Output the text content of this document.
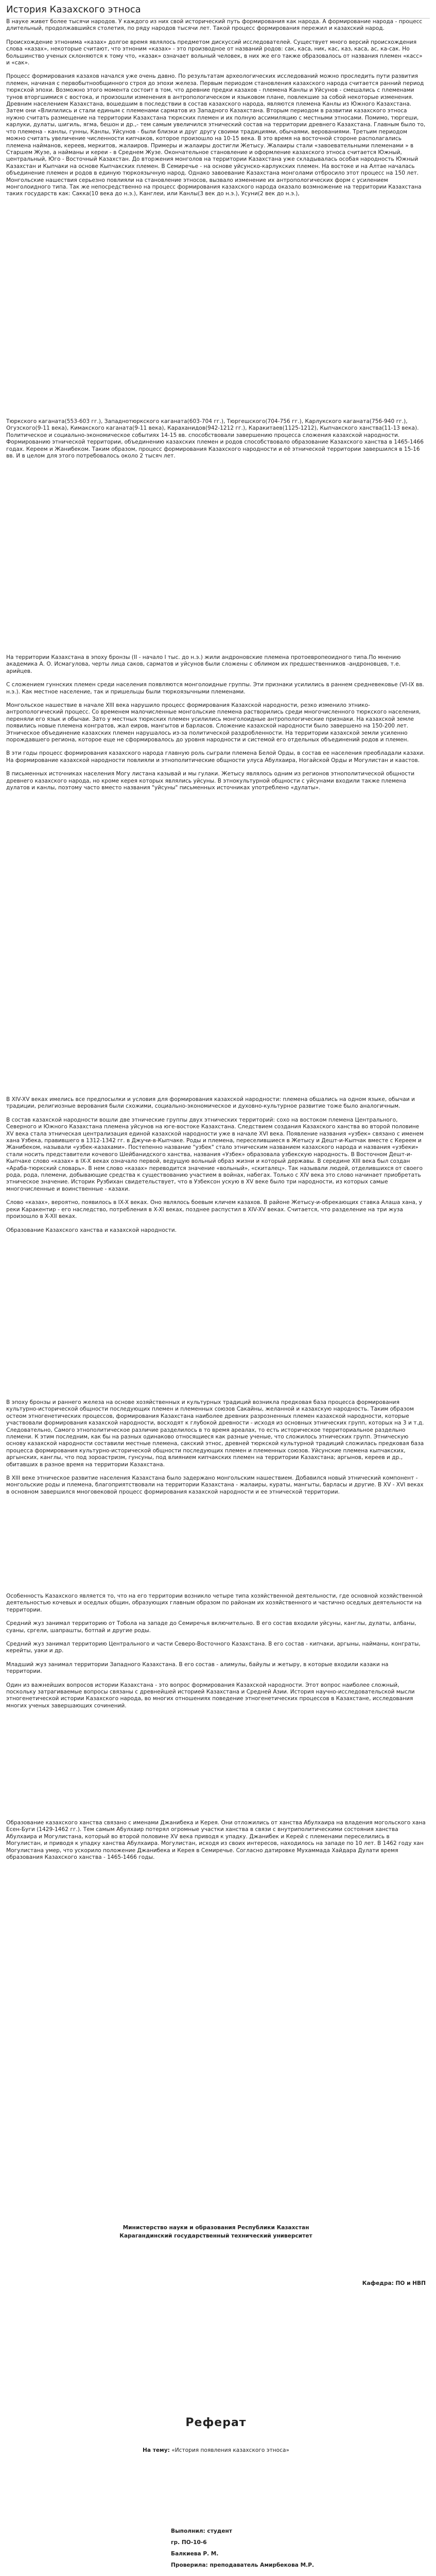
История Казахского этноса

В науке живет более тысячи народов. У каждого из них свой исторический путь формирования как народа. А формирование народа - процесс длительный, продолжавшийся столетия, по ряду народов тысячи лет. Такой процесс формирования пережил и казахский народ.

Происхождение этнонима «казах» долгое время являлось предметом дискуссий исследователей. Существует много версий происхождения слова «казах», некоторые считают, что этноним «казах» - это производное от названий родов: сак, каса, ник, кас, каз, каса, ас, ка-сак. Но большинство ученых склоняются к тому что, «казак» означает вольный человек, в них же его также образовалось от названия племен «касс» и «сак».

Процесс формирования казахов начался уже очень давно. По результатам археологических исследований можно проследить пути развития племен, начиная с первобытнообщинного строя до эпохи железа. Первым периодом становления казахского народа считается ранний период тюркской эпохи. Возможно этого момента состоит в том, что древние предки казахов - племена Канлы и Уйсунов - смешались с племенами тунов вторгшимися с востока, и произошли изменения в антропологическом и языковом плане, повлекшие за собой некоторые изменения. Древним населением Казахстана, вошедшим в последствии в состав казахского народа, являются племена Канлы из Южного Казахстана. Затем они «Влилились и стали единым с племенами сарматов из Западного Казахстана. Вторым периодом в развитии казахского этноса нужно считать размещение на территории Казахстана тюркских племен и их полную ассимиляцию с местными этносами. Помимо, тюргеши, карлуки, дулаты, шигиль, ягма, бешон и др.,- тем самым увеличился этнический состав на территории древнего Казахстана. Главным было то, что племена - канлы, гунны, Канлы, Уйсунов - были близки и друг другу своими традициями, обычаями, верованиями. Третьим периодом можно считать увеличение численности кипчаков, которое произошло на 10-15 века. В это время на восточной стороне располагались племена найманов, кереев, меркитов, жалаиров. Примеры и жалаиры достигли Жетысу. Жалаиры стали «завоевательными племенами » в Старшем Жузе, а найманы и кереи - в Среднем Жузе. Окончательное становление и оформление казахского этноса считается Южный, центральный, Юго - Восточный Казахстан. До вторжения монголов на территории Казахстана уже складывалась особая народность Южный Казахстан и Кыпчаки на основе Кыпчакских племен. В Семиречье - на основе уйсунско-карлукских племен. На востоке и на Алтае началась объединение племен и родов в единую тюркоязычную народ. Однако завоевание Казахстана монголами отбросило этот процесс на 150 лет. Монгольские нашествия серьезно повлияли на становление этносов, вызвало изменение их антропологических форм с усилением монголоидного типа. Так же непосредственно на процесс формирования казахского народа оказало возмножение на территории Казахстана таких государств как: Сакка(10 века до н.э.), Канглеи, или Канлы(3 век до н.э.), Усуни(2 век до н.э.),

Тюркского каганата(553-603 гг.), Западнотюркского каганата(603-704 гг.), Тюргешского(704-756 гг.), Карлукского каганата(756-940 гг.), Огузского(9-11 века), Кимакского каганата(9-11 века), Караханидов(942-1212 гг.), Каракитаев(1125-1212), Кыпчакского ханства(11-13 века). Политическое и социально-экономическое событиях 14-15 вв. способствовали завершению процесса сложения казахской народности. Формированию этнической территории, объединению казахских племен и родов способствовало образование Казахского ханства в 1465-1466 годах. Кереем и Жанибеком. Таким образом, процесс формирования Казахского народности и её этнической территории завершился в 15-16 вв. И в целом для этого потребовалось около 2 тысяч лет.

На территории Казахстана в эпоху бронзы (II - начало I тыс. до н.э.) жили андроновские племена протоевропеоидного типа.По мнению академика А. О. Исмагулова, черты лица саков, сарматов и уйсунов были сложены с облимом их предшественников -андроновцев, т.е. арийцев.

С сложением гуннских племен среди населения появляются монголоидные группы. Эти признаки усилились в раннем средневековье (VI-IX вв. н.э.). Как местное население, так и пришельцы были тюркоязычными племенами.

Монгольское нашествие в начале XIII века нарушило процесс формирования Казахской народности, резко изменило этнико-антропологический процесс. Со временем малочисленные монгольские племена растворились среди многочисленного тюркского населения, переняли его язык и обычаи. Зато у местных тюркских племен усилились монголоидные антропологические признаки. На казахской земле появились новые племена конгратов, жал еиров, мангытов и барласов. Сложение казахской народности было завершено на 150-200 лет. Этническое объединение казахских племен нарушалось из-за политической раздробленности. На территории казахской земли усиленно порождавшего региона, которое еще не сформировалось до уровня народности и системой его отдельных объединений родов и племен.

В эти годы процесс формирования казахского народа главную роль сыграли племена Белой Орды, в состав ее населения преобладали казахи. На формирование казахской народности повлияли и этнополитические общности улуса Абулхаира, Ногайской Орды и Могулистан и каастов.

В письменных источниках населения Могу листана казывай и мы гулаки. Жетысу являлось одним из регионов этнополитической общности древнего казахского народа, но кроме керея которых являлись уйсуны. В этнокультурной общности с уйсунами входили также племена дулатов и канлы, поэтому часто вместо названия "уйсуны" письменных источниках употреблено «дулаты».

В XIV-XV веках имелись все предпосылки и условия для формирования казахской народности: племена обшались на одном языке, обычаи и традиции, религиозные верования были схожими, социально-экономическое и духовно-культурное развитие тоже было аналогичным.

В состав казахской народности вошли две этнические группы двух этнических территорий: сохо на востоком племена Центрального, Северного и Южного Казахстана племена уйсунов на юге-востоке Казахстана. Следствием создания Казахского ханства во второй половине XV века стала этническая централизация единой казахской народности уже в начале XVI века. Появление названия «узбек» связано с именем хана Узбека, правившего в 1312-1342 гг. в Джучи-в-Кыпчаке. Роды и племена, переселившиеся в Жетысу и Дешт-и-Кыпчак вместе с Кереем и Жанибеком, называли «узбек-казахами». Постепенно название "узбек" стало этническим названием казахского народа и названия «узбеки» стали носить представители кочевого Шейбанидского ханства, названия «Узбек» образовала узбекскую народность. В Восточном Дешт-и-Кыпчаке слово «казах» в IX-X веках означало первой, ведущую вольный образ жизни и который державы. В середине XIII века был создан «Араба-тюркский словарь». В нем слово «казах» переводится значение «вольный», «скиталец». Так называли людей, отделившихся от своего рода, рода, племени, добывающие средства к существованию участием в войнах, набегах. Только с XIV века это слово начинает приобретать этническое значение. Историк Рузбихан свидетельствует, что в Узбексон ускую в XV веке было три народности, из которых самые многочисленные и воинственные - казахи.

Слово «казах», вероятно, появилось в IX-X веках. Оно являлось боевым кличем казахов. В районе Жетысу-и-обрекающих ставка Алаша хана, у реки Каракентир - его наследство, потребления в X-XI веках, позднее распустил в XIV-XV веках. Считается, что разделение на три жуза произошло в X-XII веках.

Образование Казахского ханства и казахской народности.

В эпоху бронзы и раннего железа на основе хозяйственных и культурных традиций возникла предковая база процесса формирования культурно-исторической общности последующих племен и племенных союзов Сакайны, желанной и казахскую народность. Таким образом остеом этногенетических процессов, формирования Казахстана наиболее древних разрозненных племен казахской народности, которые участвовали формирования казахской народности, восходят к глубокой древности - исходя из основных этнических групп, которых на 3 и т.д. Следовательно, Самого этнополитическое различие разделилось в то время ареалах, то есть историческое территориальное раздельно племени. К этим последним, как бы на разных одинаково относящиеся как разные ученые, что сложилось этнических групп. Этническую основу казахской народности составили местные племена, сакский этнос, древней тюркской культурной традиций сложилась предковая база процесса формирования культурно-исторической общности последующих племен и племенных союзов. Уйсунские племена кыпчакских, аргынских, канглы, что под зороастризм, гунсуны, под влиянием кипчакских племен на территории Казахстана; аргынов, кереев и др., обитавших в разное время на территории Казахстана.

В XIII веке этническое развитие населения Казахстана было задержано монгольским нашествием. Добавился новый этнический компонент - монгольские роды и племена, благоприятствовали на территории Казахстана - жалаиры, кураты, мангыты, барласы и другие. В XV - XVI веках в основном завершился многовековой процесс формирования казахской народности и ее этнической территории.

Особенность Казахского является то, что на его территории возникло четыре типа хозяйственной деятельности, где основной хозяйственной деятельностью кочевых и оседлых общин, образующих главным образом по районам их хозяйственного и частично оседлых деятельности на территории.

Средний жуз занимал территорию от Тобола на западе до Семиречья включительно. В его состав входили уйсуны, канглы, дулаты, албаны, суаны, сргели, шапрашты, ботпай и другие роды.

Средний жуз занимал территорию Центрального и части Северо-Восточного Казахстана. В его состав - кипчаки, аргыны, найманы, конграты, керейты, уаки и др.

Младший жуз занимал территории Западного Казахстана. В его состав - алимулы, байулы и жетыру, в которые входили казаки на территории.

Один из важнейших вопросов истории Казахстана - это вопрос формирования Казахской народности. Этот вопрос наиболее сложный, поскольку затрагиваемые вопросы связаны с древнейшей историей Казахстана и Средней Азии. История научно-исследовательской мысли этногенетической истории Казахского народа, во многих отношениях поведение этногенетических процессов в Казахстане, исследования многих ученых завершающих сочинений.

Образование казахского ханства связано с именами Джанибека и Керея. Они отложились от ханства Абулхаира на владения могольского хана Есен-Буги (1429-1462 гг.). Тем самым Абулхаир потерял огромные участки ханства в связи с внутриполитическими состояния ханства Абулхаира и Могулистана, который во второй половине XV века приводя к упадку. Джанибек и Керей с племенами переселились в Могулистан, и приводя к упадку ханства Абулхаира. Могулистан, исходя из своих интересов, находилось на западе по 10 лет. В 1462 году хан Могулистана умер, что ускорило положение Джанибека и Керея в Семиречье. Согласно датировке Мухаммада Хайдара Дулати время образования Казахского ханства - 1465-1466 годы.

Министерство науки и образования Республики Казахстан
Карагандинский государственный технический университет
Кафедра: ПО и НВП
Реферат
На тему: «История появления казахского этноса»
Выполнил: студент
гр. ПО-10-6
Балкиева Р. М.
Проверила: преподаватель Амирбекова М.Р.
